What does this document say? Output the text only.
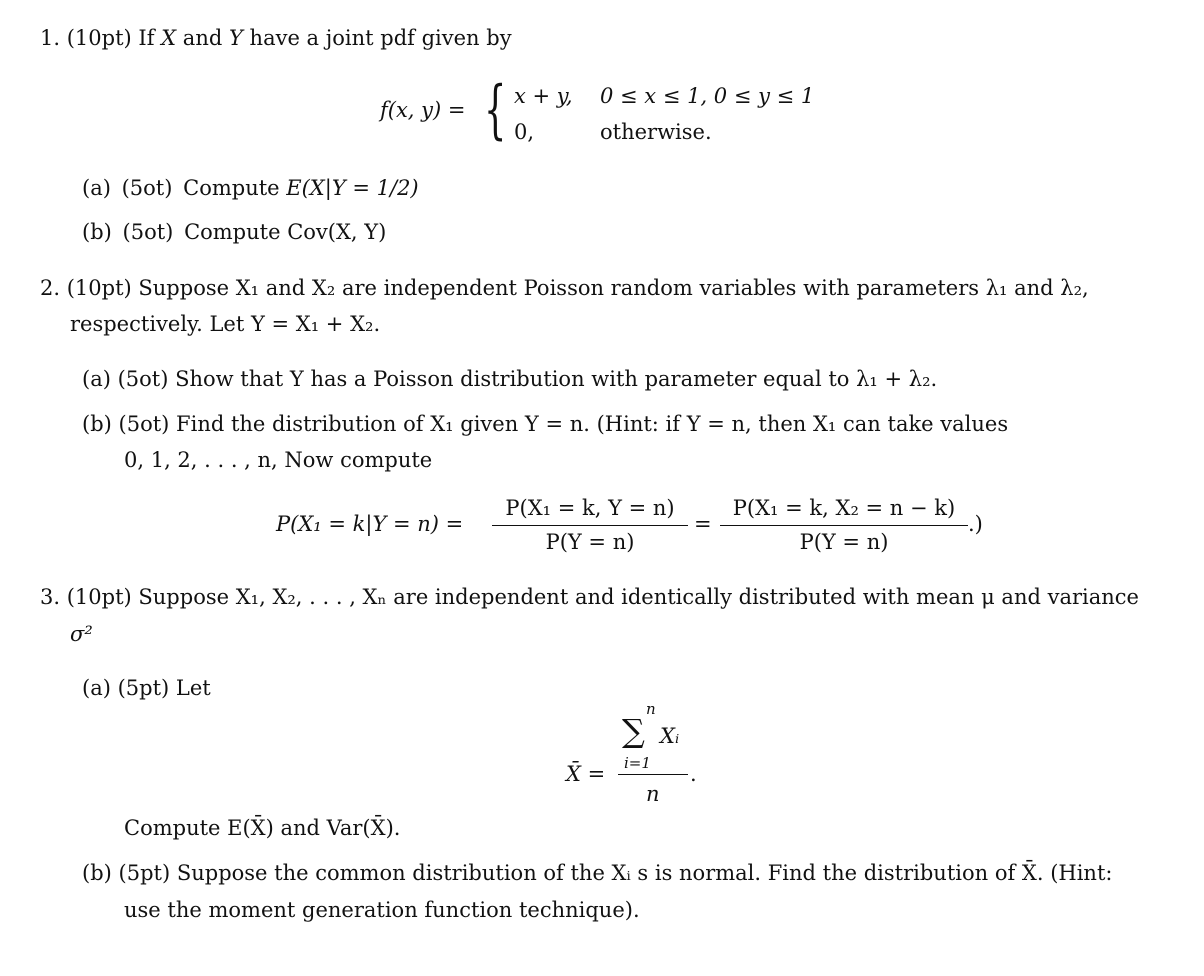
1. (10pt) If X and Y have a joint pdf given by
f(x, y) = { x + y, 0 ≤ x ≤ 1, 0 ≤ y ≤ 1
0,	otherwise.
(a) (5ot) Compute E(X|Y = 1/2)
(b) (5ot) Compute Cov(X, Y)
2. (10pt) Suppose X₁ and X₂ are independent Poisson random variables with parameters λ₁ and λ₂,
respectively. Let Y = X₁ + X₂.
(a) (5ot) Show that Y has a Poisson distribution with parameter equal to λ₁ + λ₂.
(b) (5ot) Find the distribution of X₁ given Y = n. (Hint: if Y = n, then X₁ can take values
0, 1, 2, . . . , n, Now compute
P(X₁ = k|Y = n) =
P(X₁ = k, Y = n)
P(Y = n)
=
P(X₁ = k, X₂ = n − k)
P(Y = n)
.)
3. (10pt) Suppose X₁, X₂, . . . , Xₙ are independent and identically distributed with mean μ and variance
σ²
(a) (5pt) Let
X̄ =
n
∑ Xᵢ
i=1
n
.
Compute E(X̄) and Var(X̄).
(b) (5pt) Suppose the common distribution of the Xᵢ s is normal. Find the distribution of X̄. (Hint:
use the moment generation function technique).
